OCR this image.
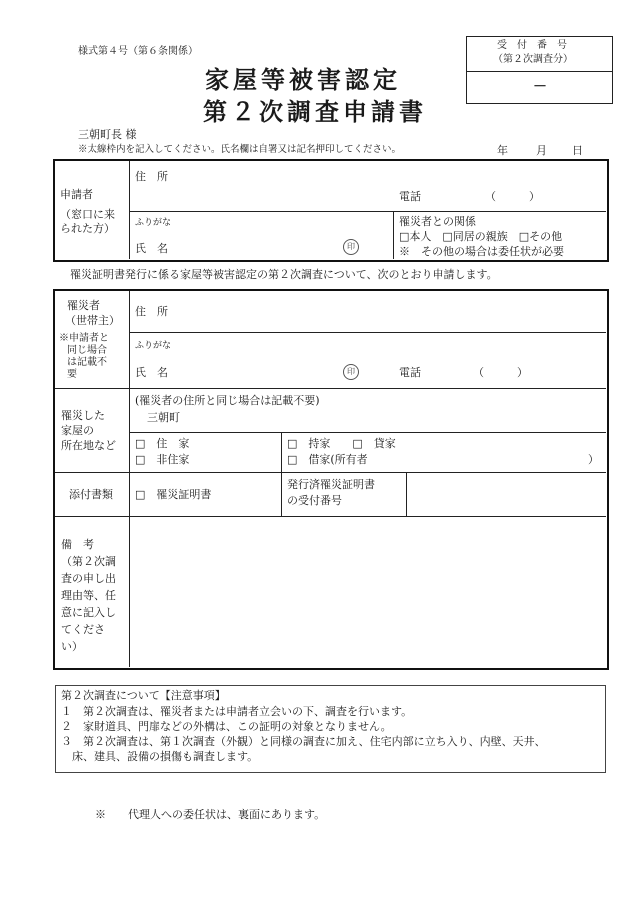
様式第４号（第６条関係）
家屋等被害認定
第２次調査申請書
受　付　番　号
（第２次調査分）
－
三朝町長 様
※太線枠内を記入してください。氏名欄は自署又は記名押印してください。	年	月 日
申請者
（窓口に来
られた方）
住　所
電話	（　　　）
ふりがな
氏　名	印
罹災者との関係
□本人　□同居の親族　□その他
※　その他の場合は委任状が必要
罹災証明書発行に係る家屋等被害認定の第２次調査について、次のとおり申請します。
罹災者
（世帯主）
※申請者と
同じ場合
は記載不
要
住　所
ふりがな
氏　名	印	電話	（　　　）
罹災した
家屋の
所在地など
(罹災者の住所と同じ場合は記載不要)
三朝町
□　住　家
□　非住家
□　持家　　□　貸家
□　借家(所有者	）
添付書類 □　罹災証明書
発行済罹災証明書
の受付番号
備　考
（第２次調
査の申し出
理由等、任
意に記入し
てくださ
い）
第２次調査について【注意事項】
１　第２次調査は、罹災者または申請者立会いの下、調査を行います。
２　家財道具、門扉などの外構は、この証明の対象となりません。
３　第２次調査は、第１次調査（外観）と同様の調査に加え、住宅内部に立ち入り、内壁、天井、
　床、建具、設備の損傷も調査します。
※　　代理人への委任状は、裏面にあります。
